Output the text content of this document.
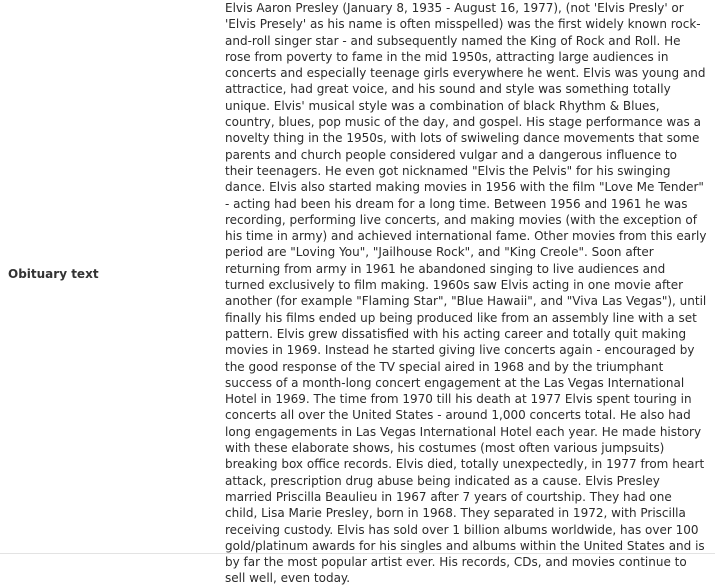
Obituary text

Elvis Aaron Presley (January 8, 1935 - August 16, 1977), (not 'Elvis Presly' or 'Elvis Presely' as his name is often misspelled) was the first widely known rock-and-roll singer star - and subsequently named the King of Rock and Roll. He rose from poverty to fame in the mid 1950s, attracting large audiences in concerts and especially teenage girls everywhere he went. Elvis was young and attractice, had great voice, and his sound and style was something totally unique. Elvis' musical style was a combination of black Rhythm & Blues, country, blues, pop music of the day, and gospel. His stage performance was a novelty thing in the 1950s, with lots of swiweling dance movements that some parents and church people considered vulgar and a dangerous influence to their teenagers. He even got nicknamed "Elvis the Pelvis" for his swinging dance. Elvis also started making movies in 1956 with the film "Love Me Tender" - acting had been his dream for a long time. Between 1956 and 1961 he was recording, performing live concerts, and making movies (with the exception of his time in army) and achieved international fame. Other movies from this early period are "Loving You", "Jailhouse Rock", and "King Creole". Soon after returning from army in 1961 he abandoned singing to live audiences and turned exclusively to film making. 1960s saw Elvis acting in one movie after another (for example "Flaming Star", "Blue Hawaii", and "Viva Las Vegas"), until finally his films ended up being produced like from an assembly line with a set pattern. Elvis grew dissatisfied with his acting career and totally quit making movies in 1969. Instead he started giving live concerts again - encouraged by the good response of the TV special aired in 1968 and by the triumphant success of a month-long concert engagement at the Las Vegas International Hotel in 1969. The time from 1970 till his death at 1977 Elvis spent touring in concerts all over the United States - around 1,000 concerts total. He also had long engagements in Las Vegas International Hotel each year. He made history with these elaborate shows, his costumes (most often various jumpsuits) breaking box office records. Elvis died, totally unexpectedly, in 1977 from heart attack, prescription drug abuse being indicated as a cause. Elvis Presley married Priscilla Beaulieu in 1967 after 7 years of courtship. They had one child, Lisa Marie Presley, born in 1968. They separated in 1972, with Priscilla receiving custody. Elvis has sold over 1 billion albums worldwide, has over 100 gold/platinum awards for his singles and albums within the United States and is by far the most popular artist ever. His records, CDs, and movies continue to sell well, even today.
